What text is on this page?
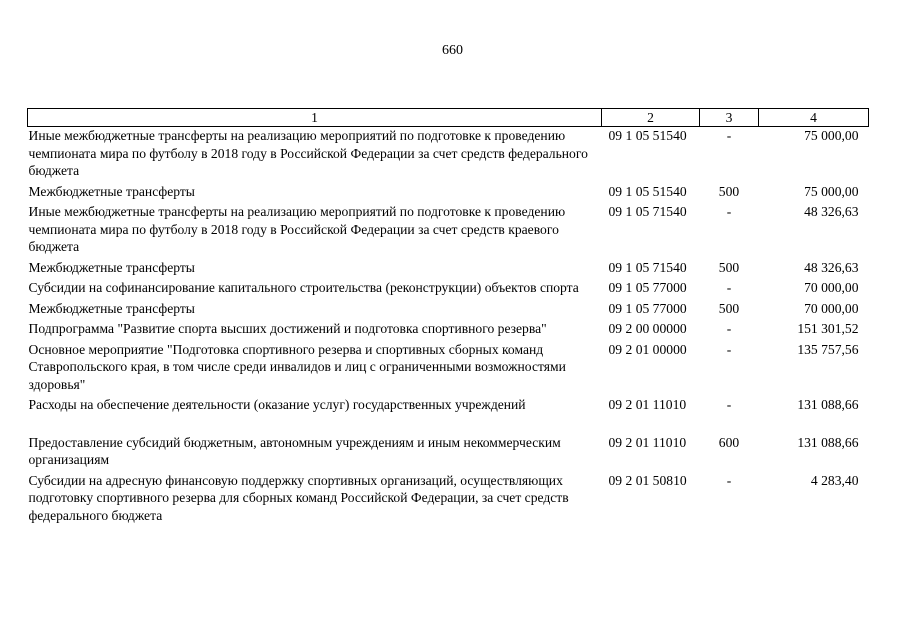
660
1	2	3	4
Иные межбюджетные трансферты на реализацию мероприятий по подготовке к проведению чемпионата мира по футболу в 2018 году в Российской Федерации за счет средств федерального бюджета	09 1 05 51540	-	75 000,00
Межбюджетные трансферты	09 1 05 51540	500	75 000,00
Иные межбюджетные трансферты на реализацию мероприятий по подготовке к проведению чемпионата мира по футболу в 2018 году в Российской Федерации за счет средств краевого бюджета	09 1 05 71540	-	48 326,63
Межбюджетные трансферты	09 1 05 71540	500	48 326,63
Субсидии на софинансирование капитального строительства (реконструкции) объектов спорта	09 1 05 77000	-	70 000,00
Межбюджетные трансферты	09 1 05 77000	500	70 000,00
Подпрограмма "Развитие спорта высших достижений и подготовка спортивного резерва"	09 2 00 00000	-	151 301,52
Основное мероприятие "Подготовка спортивного резерва и спортивных сборных команд Ставропольского края, в том числе среди инвалидов и лиц с ограниченными возможностями здоровья"	09 2 01 00000	-	135 757,56
Расходы на обеспечение деятельности (оказание услуг) государственных учреждений	09 2 01 11010	-	131 088,66
Предоставление субсидий бюджетным, автономным учреждениям и иным некоммерческим организациям	09 2 01 11010	600	131 088,66
Субсидии на адресную финансовую поддержку спортивных организаций, осуществляющих подготовку спортивного резерва для сборных команд Российской Федерации, за счет средств федерального бюджета	09 2 01 50810	-	4 283,40
